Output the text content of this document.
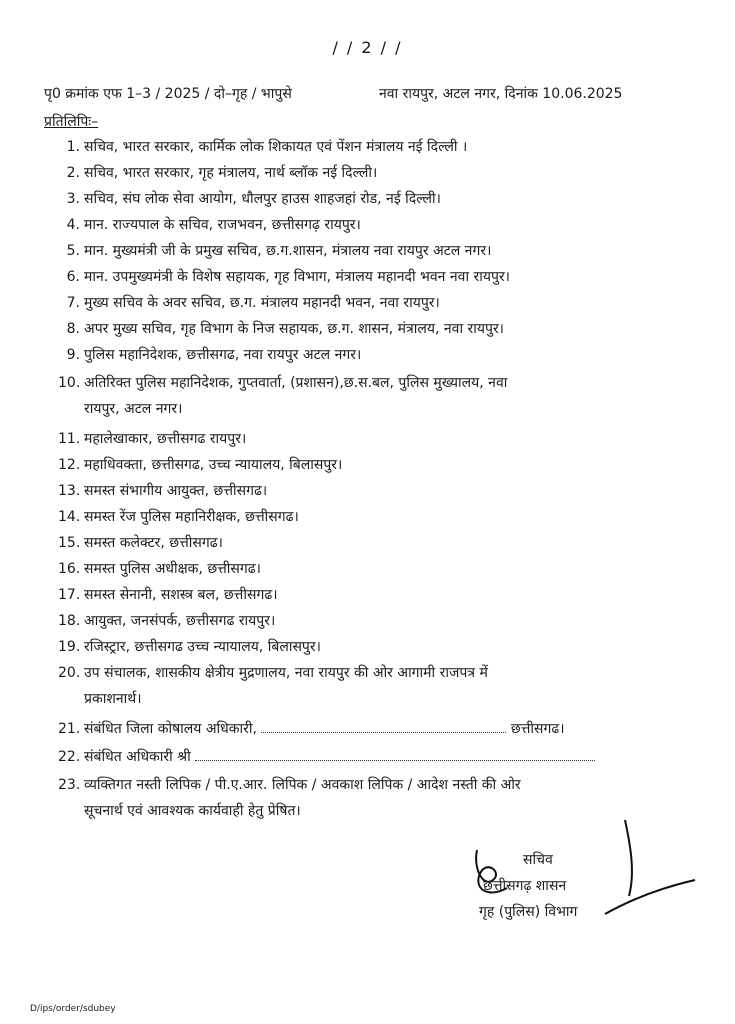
/ / 2 / /
पृ0 क्रमांक एफ 1–3 / 2025 / दो–गृह / भापुसे	नवा रायपुर, अटल नगर, दिनांक 10.06.2025
प्रतिलिपिः–
1. सचिव, भारत सरकार, कार्मिक लोक शिकायत एवं पेंशन मंत्रालय नई दिल्ली ।
2. सचिव, भारत सरकार, गृह मंत्रालय, नार्थ ब्लॉक नई दिल्ली।
3. सचिव, संघ लोक सेवा आयोग, धौलपुर हाउस शाहजहां रोड, नई दिल्ली।
4. मान. राज्यपाल के सचिव, राजभवन, छत्तीसगढ़ रायपुर।
5. मान. मुख्यमंत्री जी के प्रमुख सचिव, छ.ग.शासन, मंत्रालय नवा रायपुर अटल नगर।
6. मान. उपमुख्यमंत्री के विशेष सहायक, गृह विभाग, मंत्रालय महानदी भवन नवा रायपुर।
7. मुख्य सचिव के अवर सचिव, छ.ग. मंत्रालय महानदी भवन, नवा रायपुर।
8. अपर मुख्य सचिव, गृह विभाग के निज सहायक, छ.ग. शासन, मंत्रालय, नवा रायपुर।
9. पुलिस महानिदेशक, छत्तीसगढ, नवा रायपुर अटल नगर।
10. अतिरिक्त पुलिस महानिदेशक, गुप्तवार्ता, (प्रशासन),छ.स.बल, पुलिस मुख्यालय, नवा
रायपुर, अटल नगर।
11. महालेखाकार, छत्तीसगढ रायपुर।
12. महाधिवक्ता, छत्तीसगढ, उच्च न्यायालय, बिलासपुर।
13. समस्त संभागीय आयुक्त, छत्तीसगढ।
14. समस्त रेंज पुलिस महानिरीक्षक, छत्तीसगढ।
15. समस्त कलेक्टर, छत्तीसगढ।
16. समस्त पुलिस अधीक्षक, छत्तीसगढ।
17. समस्त सेनानी, सशस्त्र बल, छत्तीसगढ।
18. आयुक्त, जनसंपर्क, छत्तीसगढ रायपुर।
19. रजिस्ट्रार, छत्तीसगढ उच्च न्यायालय, बिलासपुर।
20. उप संचालक, शासकीय क्षेत्रीय मुद्रणालय, नवा रायपुर की ओर आगामी राजपत्र में
प्रकाशनार्थ।
21. संबंधित जिला कोषालय अधिकारी,	छत्तीसगढ।
22. संबंधित अधिकारी श्री
23. व्यक्तिगत नस्ती लिपिक / पी.ए.आर. लिपिक / अवकाश लिपिक / आदेश नस्ती की ओर
सूचनार्थ एवं आवश्यक कार्यवाही हेतु प्रेषित।
सचिव
छत्तीसगढ़ शासन
गृह (पुलिस) विभाग
D/ips/order/sdubey
